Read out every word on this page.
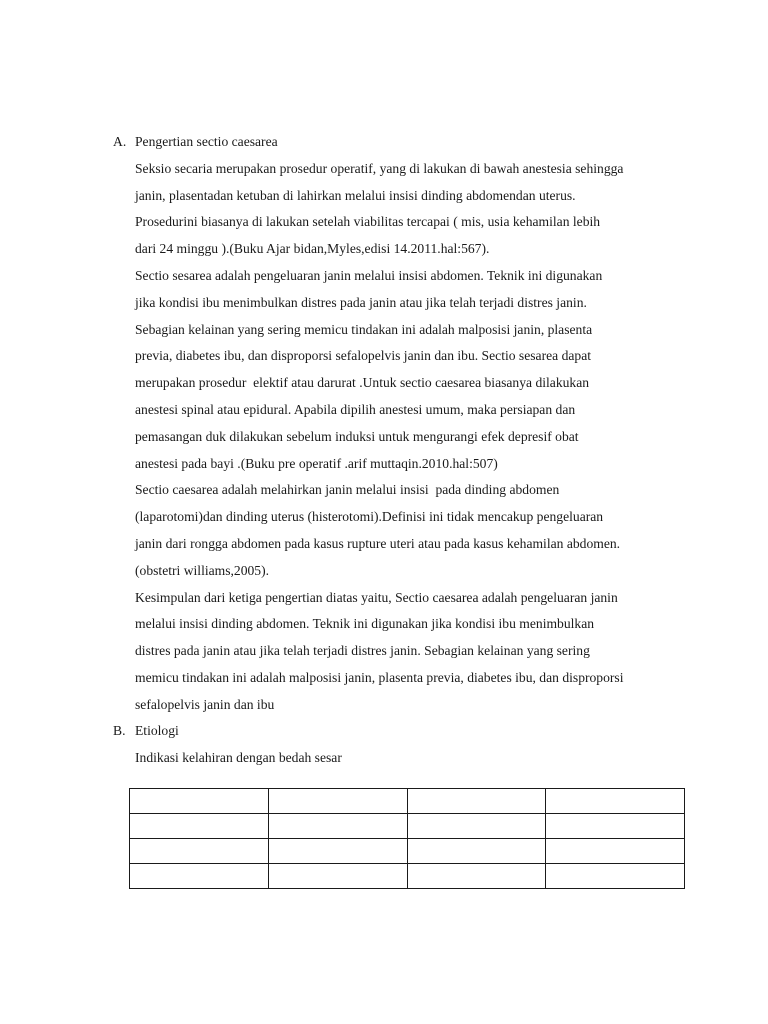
A. Pengertian sectio caesarea
Seksio secaria merupakan prosedur operatif, yang di lakukan di bawah anestesia sehingga
janin, plasentadan ketuban di lahirkan melalui insisi dinding abdomendan uterus.
Prosedurini biasanya di lakukan setelah viabilitas tercapai ( mis, usia kehamilan lebih
dari 24 minggu ).(Buku Ajar bidan,Myles,edisi 14.2011.hal:567).
Sectio sesarea adalah pengeluaran janin melalui insisi abdomen. Teknik ini digunakan
jika kondisi ibu menimbulkan distres pada janin atau jika telah terjadi distres janin.
Sebagian kelainan yang sering memicu tindakan ini adalah malposisi janin, plasenta
previa, diabetes ibu, dan disproporsi sefalopelvis janin dan ibu. Sectio sesarea dapat
merupakan prosedur  elektif atau darurat .Untuk sectio caesarea biasanya dilakukan
anestesi spinal atau epidural. Apabila dipilih anestesi umum, maka persiapan dan
pemasangan duk dilakukan sebelum induksi untuk mengurangi efek depresif obat
anestesi pada bayi .(Buku pre operatif .arif muttaqin.2010.hal:507)
Sectio caesarea adalah melahirkan janin melalui insisi  pada dinding abdomen
(laparotomi)dan dinding uterus (histerotomi).Definisi ini tidak mencakup pengeluaran
janin dari rongga abdomen pada kasus rupture uteri atau pada kasus kehamilan abdomen.
(obstetri williams,2005).
Kesimpulan dari ketiga pengertian diatas yaitu, Sectio caesarea adalah pengeluaran janin
melalui insisi dinding abdomen. Teknik ini digunakan jika kondisi ibu menimbulkan
distres pada janin atau jika telah terjadi distres janin. Sebagian kelainan yang sering
memicu tindakan ini adalah malposisi janin, plasenta previa, diabetes ibu, dan disproporsi
sefalopelvis janin dan ibu
B. Etiologi
Indikasi kelahiran dengan bedah sesar
